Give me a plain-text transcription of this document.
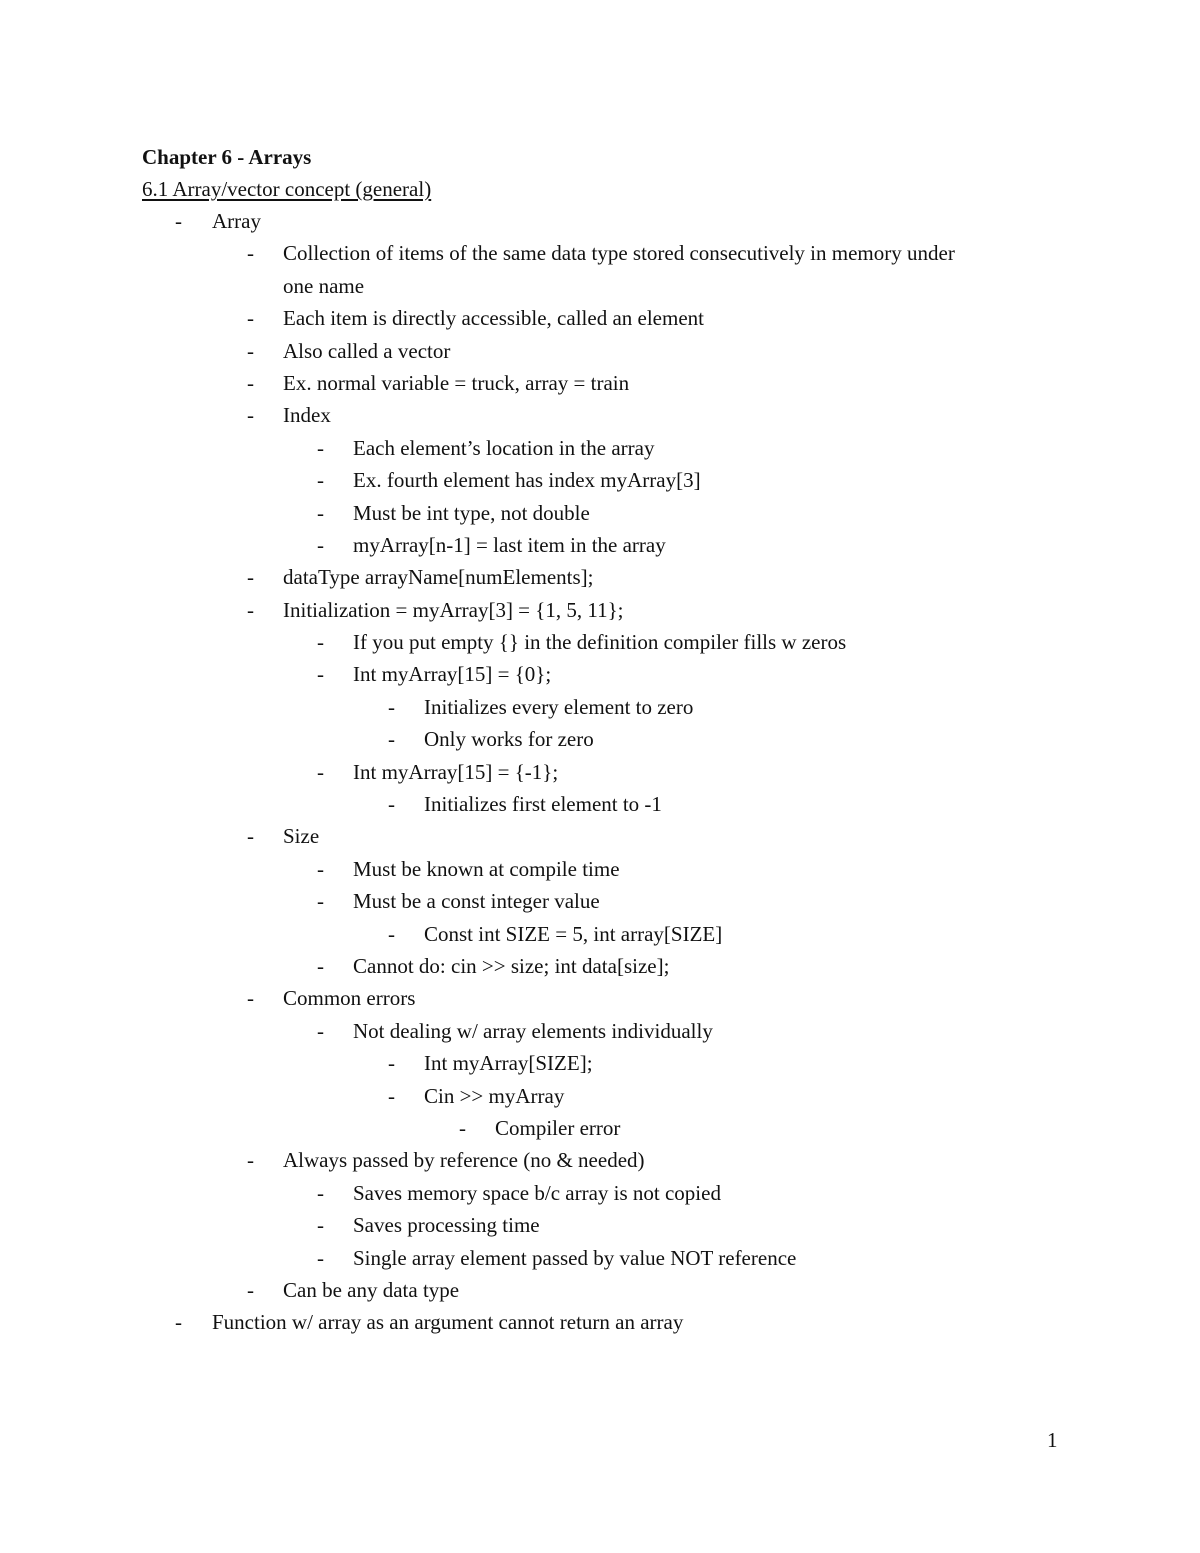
Chapter 6 - Arrays
6.1 Array/vector concept (general)
- Array
- Collection of items of the same data type stored consecutively in memory under
one name
- Each item is directly accessible, called an element
- Also called a vector
- Ex. normal variable = truck, array = train
- Index
- Each element’s location in the array
- Ex. fourth element has index myArray[3]
- Must be int type, not double
- myArray[n-1] = last item in the array
- dataType arrayName[numElements];
- Initialization = myArray[3] = {1, 5, 11};
- If you put empty {} in the definition compiler fills w zeros
- Int myArray[15] = {0};
- Initializes every element to zero
- Only works for zero
- Int myArray[15] = {-1};
- Initializes first element to -1
- Size
- Must be known at compile time
- Must be a const integer value
- Const int SIZE = 5, int array[SIZE]
- Cannot do: cin >> size; int data[size];
- Common errors
- Not dealing w/ array elements individually
- Int myArray[SIZE];
- Cin >> myArray
- Compiler error
- Always passed by reference (no & needed)
- Saves memory space b/c array is not copied
- Saves processing time
- Single array element passed by value NOT reference
- Can be any data type
- Function w/ array as an argument cannot return an array
1
